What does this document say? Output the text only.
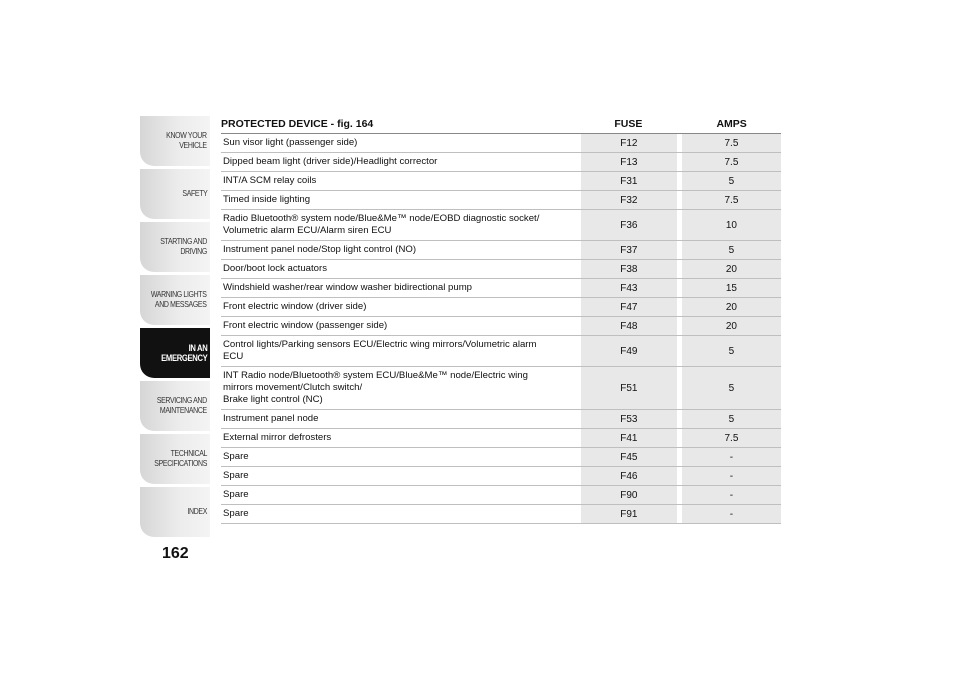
KNOW YOUR
VEHICLE
SAFETY
STARTING AND
DRIVING
WARNING LIGHTS
AND MESSAGES
IN AN
EMERGENCY
SERVICING AND
MAINTENANCE
TECHNICAL
SPECIFICATIONS
INDEX
162
PROTECTED DEVICE - fig. 164	FUSE	AMPS
Sun visor light (passenger side)	F12	7.5
Dipped beam light (driver side)/Headlight corrector	F13	7.5
INT/A SCM relay coils	F31	5
Timed inside lighting	F32	7.5
Radio Bluetooth® system node/Blue&Me™ node/EOBD diagnostic socket/
Volumetric alarm ECU/Alarm siren ECU	F36	10
Instrument panel node/Stop light control (NO)	F37	5
Door/boot lock actuators	F38	20
Windshield washer/rear window washer bidirectional pump	F43	15
Front electric window (driver side)	F47	20
Front electric window (passenger side)	F48	20
Control lights/Parking sensors ECU/Electric wing mirrors/Volumetric alarm
ECU	F49	5
INT Radio node/Bluetooth® system ECU/Blue&Me™ node/Electric wing
mirrors movement/Clutch switch/
Brake light control (NC)
F51	5
Instrument panel node	F53	5
External mirror defrosters	F41	7.5
Spare	F45	-
Spare	F46	-
Spare	F90	-
Spare	F91	-
